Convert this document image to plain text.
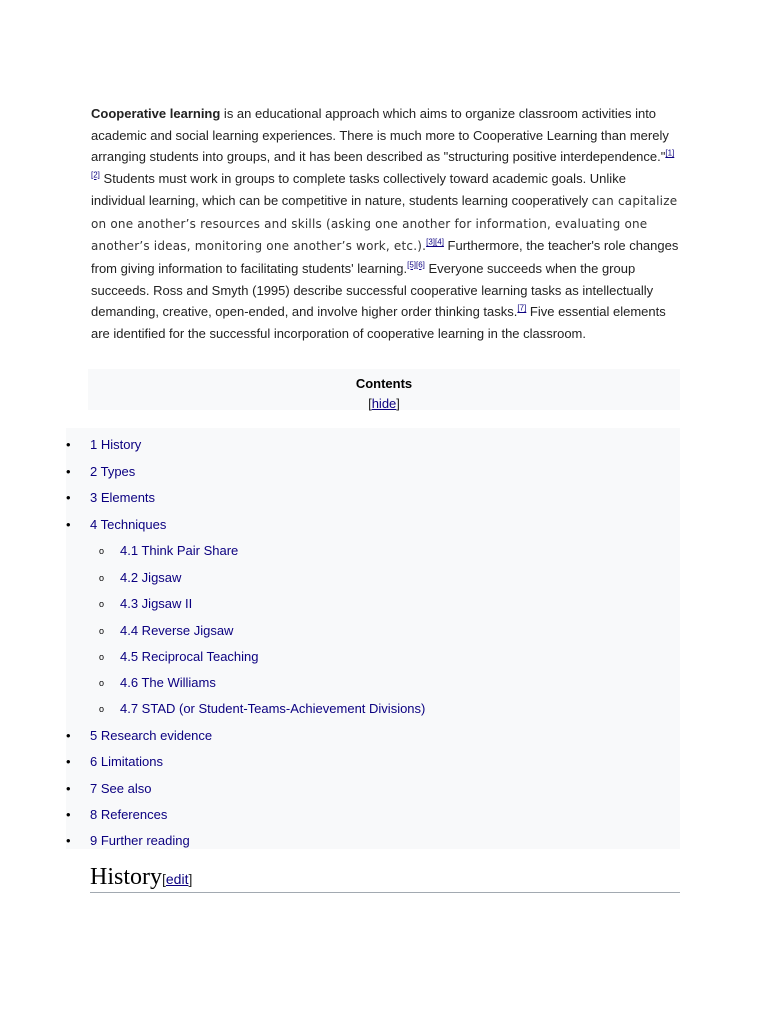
Cooperative learning is an educational approach which aims to organize classroom activities into academic and social learning experiences. There is much more to Cooperative Learning than merely arranging students into groups, and it has been described as "structuring positive interdependence."[1][2] Students must work in groups to complete tasks collectively toward academic goals. Unlike individual learning, which can be competitive in nature, students learning cooperatively can capitalize on one another’s resources and skills (asking one another for information, evaluating one another’s ideas, monitoring one another’s work, etc.).[3][4] Furthermore, the teacher's role changes from giving information to facilitating students' learning.[5][6] Everyone succeeds when the group succeeds. Ross and Smyth (1995) describe successful cooperative learning tasks as intellectually demanding, creative, open-ended, and involve higher order thinking tasks.[7] Five essential elements are identified for the successful incorporation of cooperative learning in the classroom.
Contents
[hide]
• 1 History
• 2 Types
• 3 Elements
• 4 Techniques
o 4.1 Think Pair Share
o 4.2 Jigsaw
o 4.3 Jigsaw II
o 4.4 Reverse Jigsaw
o 4.5 Reciprocal Teaching
o 4.6 The Williams
o 4.7 STAD (or Student-Teams-Achievement Divisions)
• 5 Research evidence
• 6 Limitations
• 7 See also
• 8 References
• 9 Further reading
History[edit]
